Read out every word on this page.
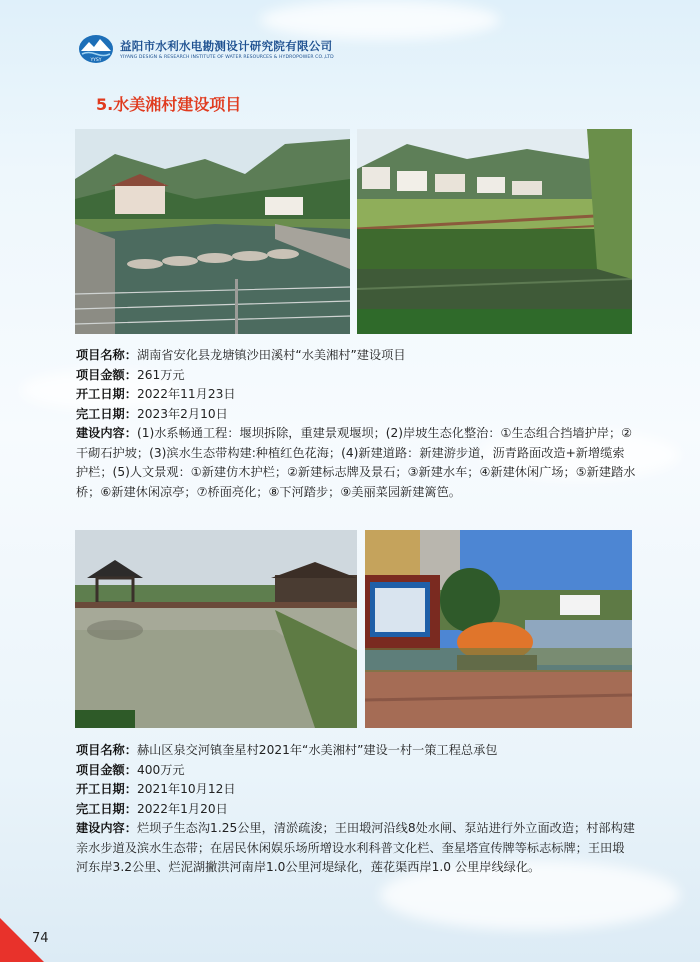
YYSY
益阳市水利水电勘测设计研究院有限公司
YIYANG DESIGN & RESEARCH INSTITUTE OF WATER RESOURCES & HYDROPOWER CO.,LTD
5.水美湘村建设项目
项目名称：湖南省安化县龙塘镇沙田溪村“水美湘村”建设项目
项目金额：261万元
开工日期：2022年11月23日
完工日期：2023年2月10日
建设内容：(1)水系畅通工程：堰坝拆除，重建景观堰坝；(2)岸坡生态化整治：①生态组合挡墙护岸；②干砌石护坡；(3)滨水生态带构建:种植红色花海；(4)新建道路：新建游步道，沥青路面改造+新增缆索护栏；(5)人文景观：①新建仿木护栏；②新建标志牌及景石；③新建水车；④新建休闲广场；⑤新建踏水桥；⑥新建休闲凉亭；⑦桥面亮化；⑧下河踏步；⑨美丽菜园新建篱笆。
项目名称：赫山区泉交河镇奎星村2021年“水美湘村”建设一村一策工程总承包
项目金额：400万元
开工日期：2021年10月12日
完工日期：2022年1月20日
建设内容：烂坝子生态沟1.25公里，清淤疏浚；王田塅河沿线8处水闸、泵站进行外立面改造；村部构建亲水步道及滨水生态带；在居民休闲娱乐场所增设水利科普文化栏、奎星塔宣传牌等标志标牌；王田塅河东岸3.2公里、烂泥湖撇洪河南岸1.0公里河堤绿化，莲花渠西岸1.0 公里岸线绿化。
74
